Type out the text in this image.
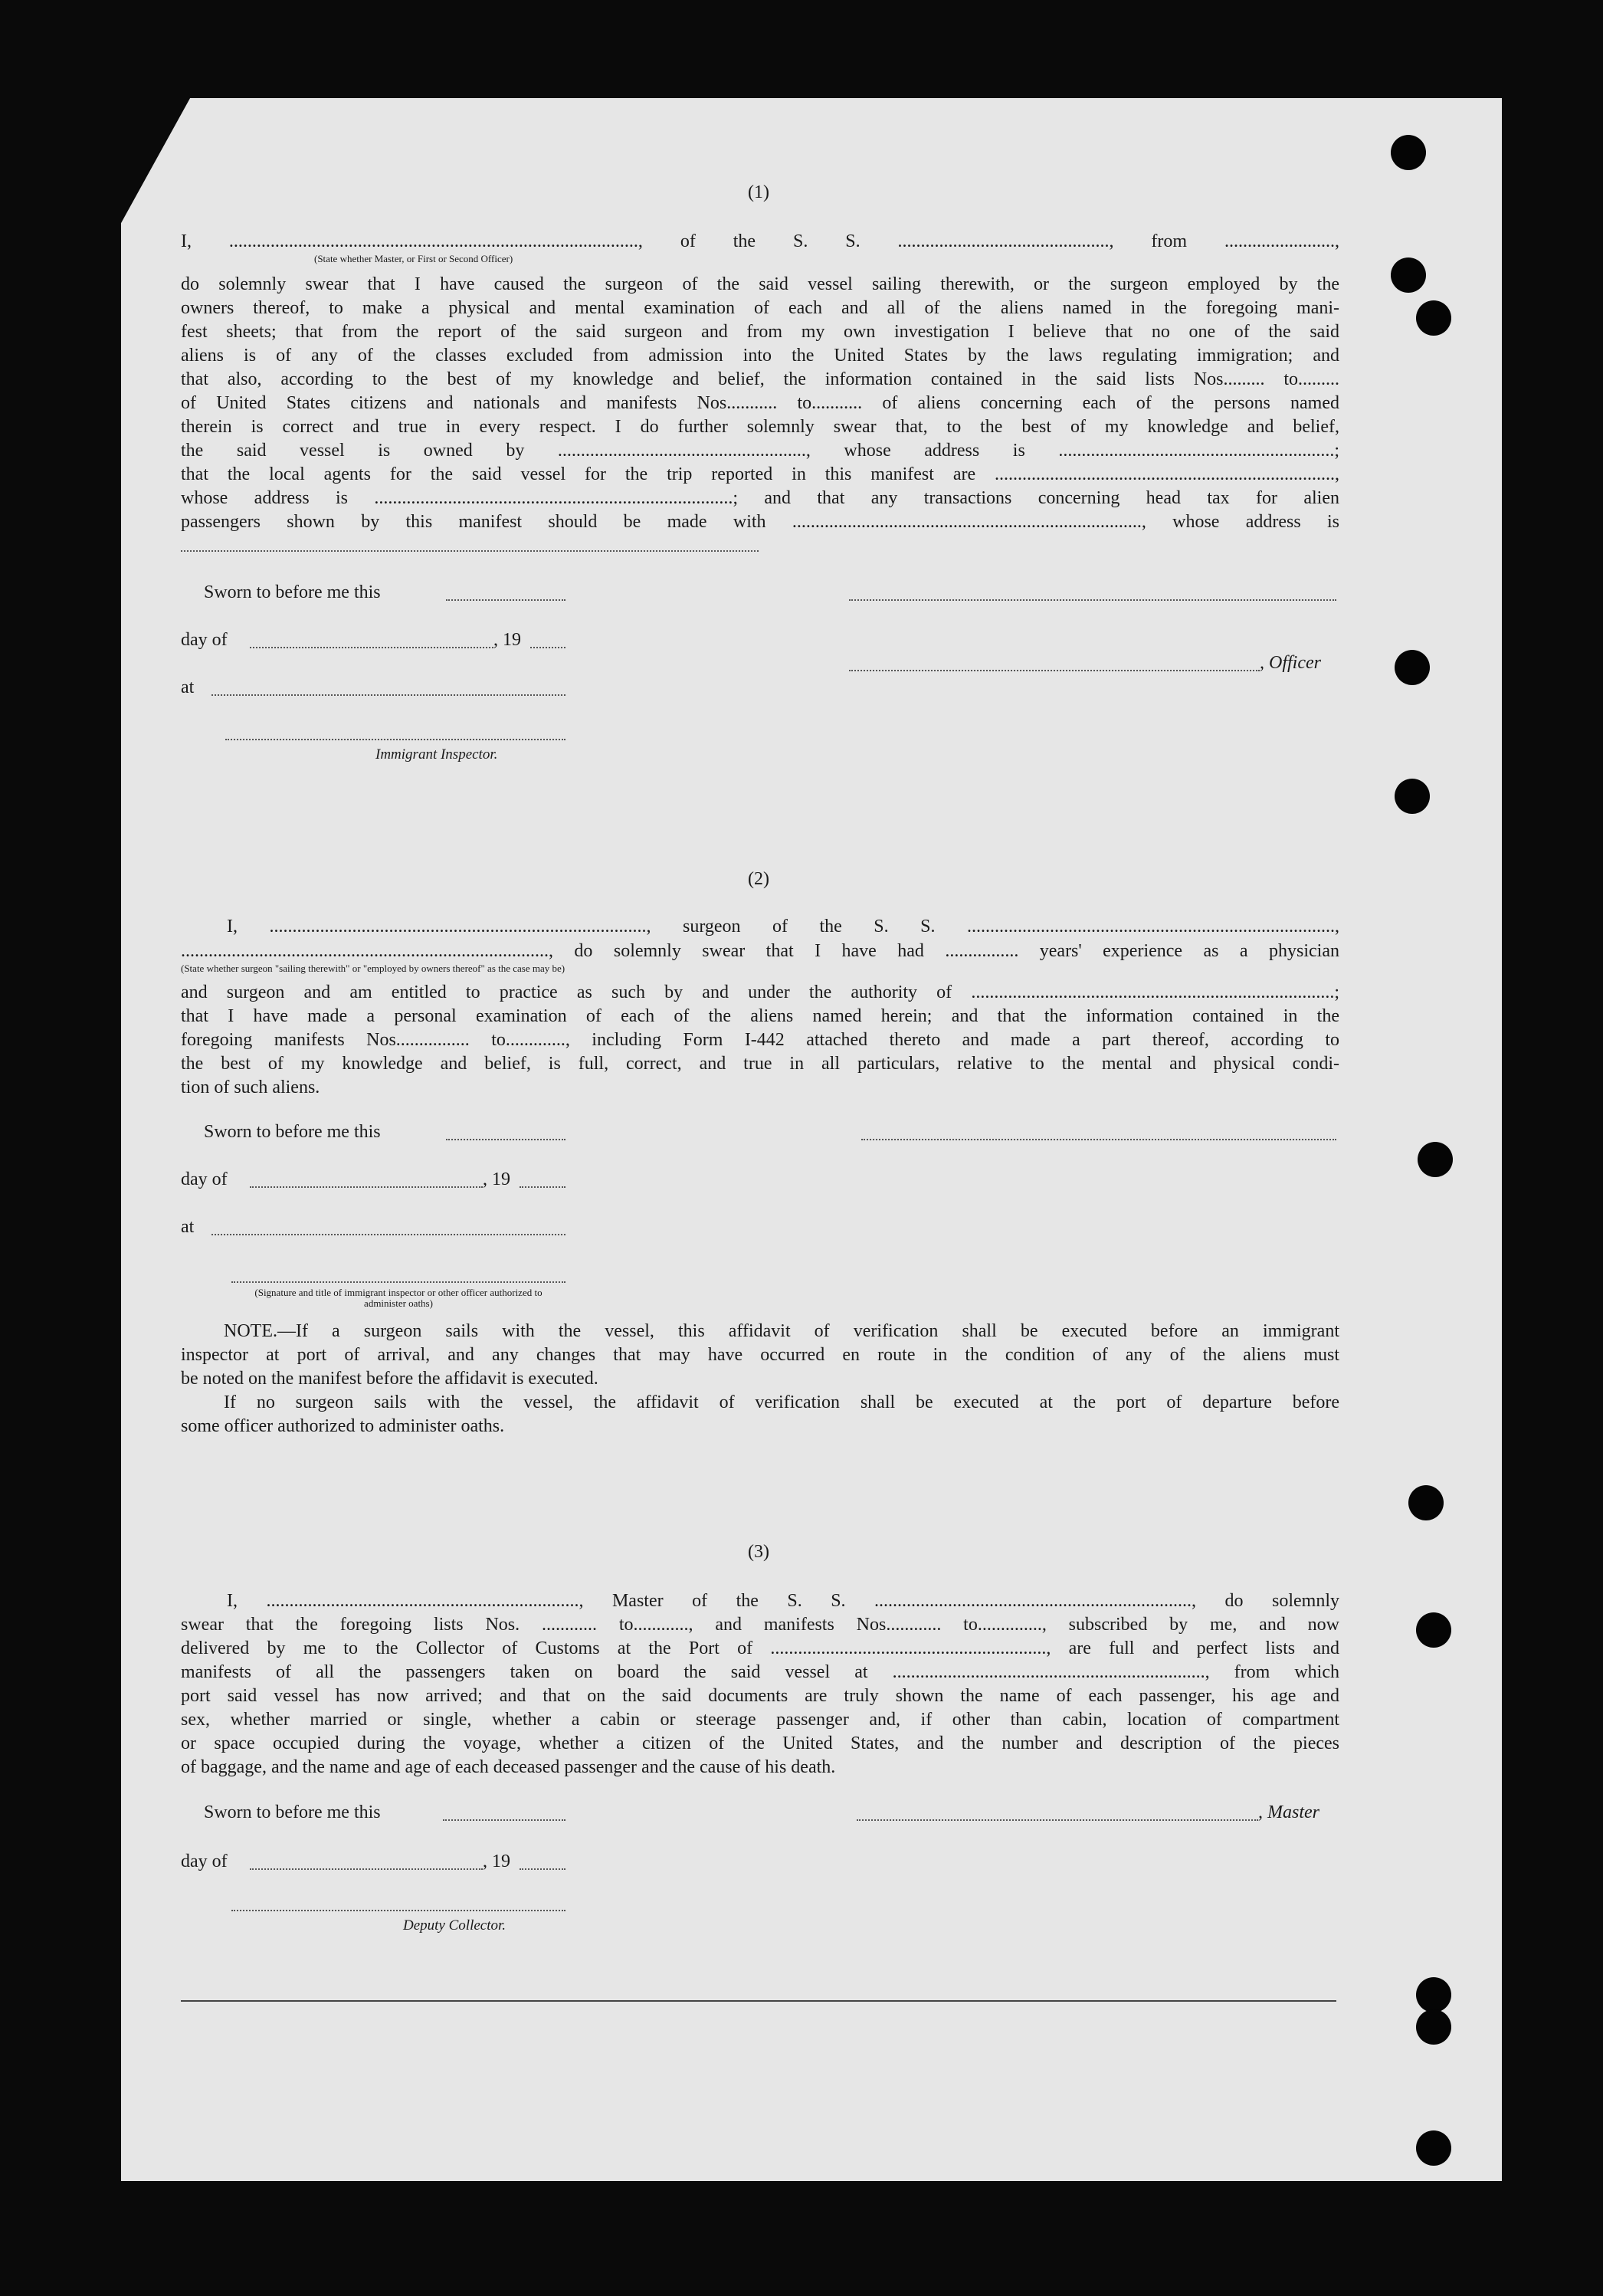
(1)
I, ........................................................................................., of the S. S. .............................................., from ........................,
(State whether Master, or First or Second Officer)
do solemnly swear that I have caused the surgeon of the said vessel sailing therewith, or the surgeon employed by the
owners thereof, to make a physical and mental examination of each and all of the aliens named in the foregoing mani-
fest sheets; that from the report of the said surgeon and from my own investigation I believe that no one of the said
aliens is of any of the classes excluded from admission into the United States by the laws regulating immigration; and
that also, according to the best of my knowledge and belief, the information contained in the said lists Nos......... to.........
of United States citizens and nationals and manifests Nos........... to........... of aliens concerning each of the persons named
therein is correct and true in every respect. I do further solemnly swear that, to the best of my knowledge and belief,
the said vessel is owned by ......................................................, whose address is ............................................................;
that the local agents for the said vessel for the trip reported in this manifest are ..........................................................................,
whose address is ..............................................................................; and that any transactions concerning head tax for alien
passengers shown by this manifest should be made with ............................................................................, whose address is
Sworn to before me this
day of	, 19
, Officer
at
Immigrant Inspector.
(2)
I, .................................................................................., surgeon of the S. S. ................................................................................,
................................................................................, do solemnly swear that I have had ................ years' experience as a physician
(State whether surgeon "sailing therewith" or "employed by owners thereof" as the case may be)
and surgeon and am entitled to practice as such by and under the authority of ...............................................................................;
that I have made a personal examination of each of the aliens named herein; and that the information contained in the
foregoing manifests Nos................ to............., including Form I-442 attached thereto and made a part thereof, according to
the best of my knowledge and belief, is full, correct, and true in all particulars, relative to the mental and physical condi-
tion of such aliens.
Sworn to before me this
day of	, 19
at
(Signature and title of immigrant inspector or other officer authorized to administer oaths)
NOTE.—If a surgeon sails with the vessel, this affidavit of verification shall be executed before an immigrant
inspector at port of arrival, and any changes that may have occurred en route in the condition of any of the aliens must
be noted on the manifest before the affidavit is executed.
If no surgeon sails with the vessel, the affidavit of verification shall be executed at the port of departure before
some officer authorized to administer oaths.
(3)
I, ...................................................................., Master of the S. S. ....................................................................., do solemnly
swear that the foregoing lists Nos. ............ to............, and manifests Nos............ to.............., subscribed by me, and now
delivered by me to the Collector of Customs at the Port of ............................................................, are full and perfect lists and
manifests of all the passengers taken on board the said vessel at ...................................................................., from which
port said vessel has now arrived; and that on the said documents are truly shown the name of each passenger, his age and
sex, whether married or single, whether a cabin or steerage passenger and, if other than cabin, location of compartment
or space occupied during the voyage, whether a citizen of the United States, and the number and description of the pieces
of baggage, and the name and age of each deceased passenger and the cause of his death.
Sworn to before me this	, Master
day of	, 19
Deputy Collector.
